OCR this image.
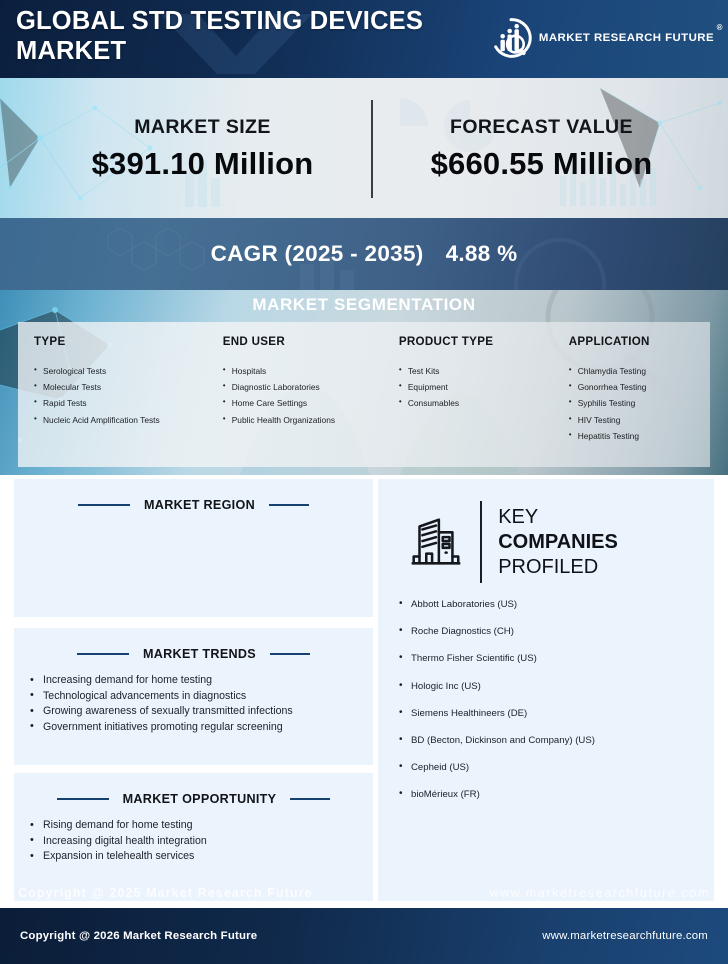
GLOBAL STD TESTING DEVICES MARKET	MARKET RESEARCH FUTURE
®
MARKET SIZE
$391.10 Million
FORECAST VALUE
$660.55 Million
CAGR (2025 - 2035) 4.88 %
MARKET SEGMENTATION
TYPE
• Serological Tests
• Molecular Tests
• Rapid Tests
• Nucleic Acid Amplification Tests
END USER
• Hospitals
• Diagnostic Laboratories
• Home Care Settings
• Public Health Organizations
PRODUCT TYPE
• Test Kits
• Equipment
• Consumables
APPLICATION
• Chlamydia Testing
• Gonorrhea Testing
• Syphilis Testing
• HIV Testing
• Hepatitis Testing
MARKET REGION
MARKET TRENDS
• Increasing demand for home testing
• Technological advancements in diagnostics
• Growing awareness of sexually transmitted infections
• Government initiatives promoting regular screening
MARKET OPPORTUNITY
• Rising demand for home testing
• Increasing digital health integration
• Expansion in telehealth services
KEY
COMPANIES
PROFILED
• Abbott Laboratories (US)
• Roche Diagnostics (CH)
• Thermo Fisher Scientific (US)
• Hologic Inc (US)
• Siemens Healthineers (DE)
• BD (Becton, Dickinson and Company) (US)
• Cepheid (US)
• bioMérieux (FR)
Copyright @ 2025 Market Research Future	www.marketresearchfuture.com
Copyright @ 2026 Market Research Future	www.marketresearchfuture.com
